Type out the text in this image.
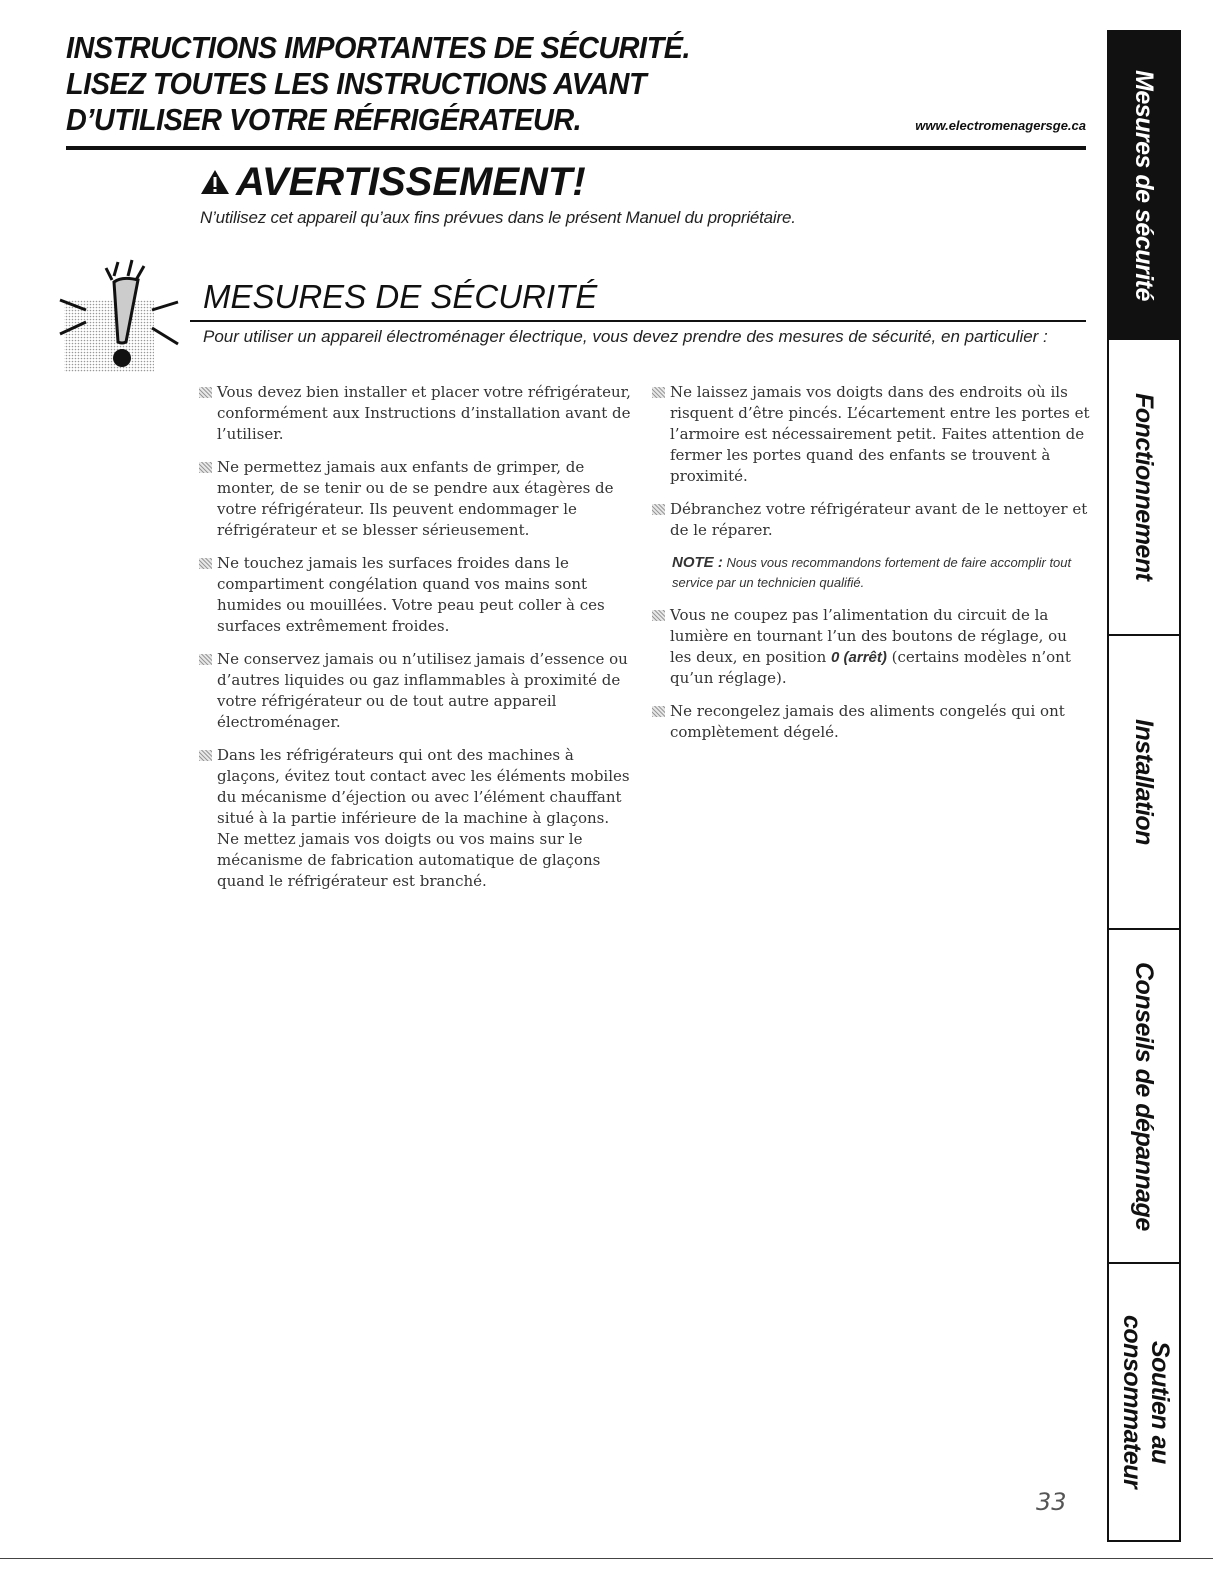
INSTRUCTIONS IMPORTANTES DE SÉCURITÉ.
LISEZ TOUTES LES INSTRUCTIONS AVANT
D’UTILISER VOTRE RÉFRIGÉRATEUR.	www.electromenagersge.ca
AVERTISSEMENT!
N’utilisez cet appareil qu’aux fins prévues dans le présent Manuel du propriétaire.
MESURES DE SÉCURITÉ
Pour utiliser un appareil électroménager électrique, vous devez prendre des mesures de sécurité, en particulier :
Vous devez bien installer et placer votre réfrigérateur, conformément aux Instructions d’installation avant de l’utiliser.
Ne permettez jamais aux enfants de grimper, de monter, de se tenir ou de se pendre aux étagères de votre réfrigérateur. Ils peuvent endommager le réfrigérateur et se blesser sérieusement.
Ne touchez jamais les surfaces froides dans le compartiment congélation quand vos mains sont humides ou mouillées. Votre peau peut coller à ces surfaces extrêmement froides.
Ne conservez jamais ou n’utilisez jamais d’essence ou d’autres liquides ou gaz inflammables à proximité de votre réfrigérateur ou de tout autre appareil électroménager.
Dans les réfrigérateurs qui ont des machines à glaçons, évitez tout contact avec les éléments mobiles du mécanisme d’éjection ou avec l’élément chauffant situé à la partie inférieure de la machine à glaçons. Ne mettez jamais vos doigts ou vos mains sur le mécanisme de fabrication automatique de glaçons quand le réfrigérateur est branché.
Ne laissez jamais vos doigts dans des endroits où ils risquent d’être pincés. L’écartement entre les portes et l’armoire est nécessairement petit. Faites attention de fermer les portes quand des enfants se trouvent à proximité.
Débranchez votre réfrigérateur avant de le nettoyer et de le réparer.
NOTE : Nous vous recommandons fortement de faire accomplir tout service par un technicien qualifié.
Vous ne coupez pas l’alimentation du circuit de la lumière en tournant l’un des boutons de réglage, ou les deux, en position 0 (arrêt) (certains modèles n’ont qu’un réglage).
Ne recongelez jamais des aliments congelés qui ont complètement dégelé.
33
Mesures de sécurité
Fonctionnement
Installation
Conseils de dépannage
Soutien au consommateur
